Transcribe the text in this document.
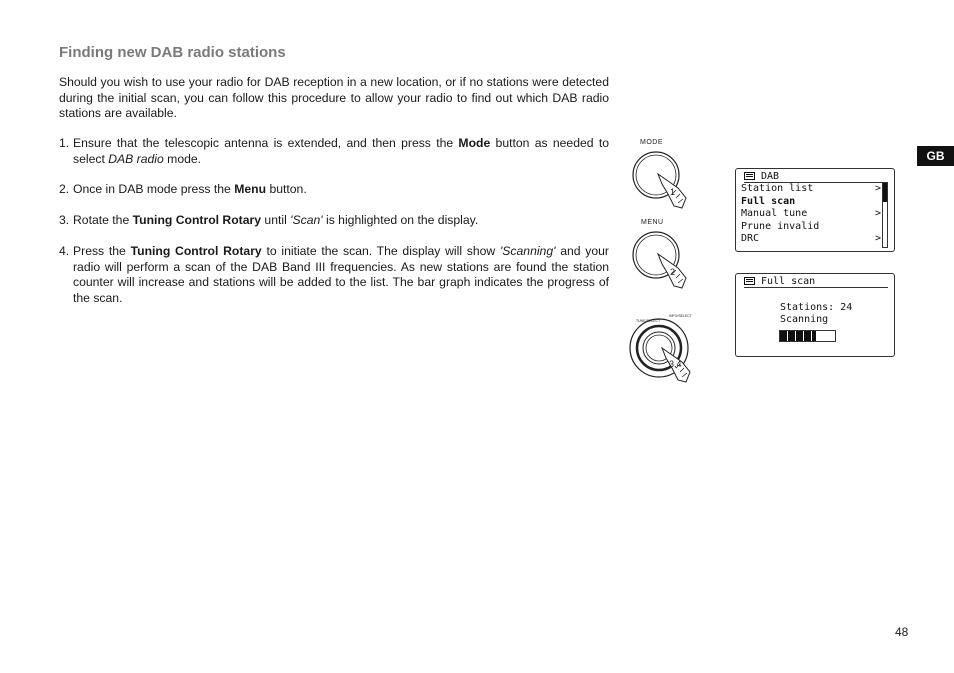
Finding new DAB radio stations
Should you wish to use your radio for DAB reception in a new location, or if no stations were detected during the initial scan, you can follow this procedure to allow your radio to find out which DAB radio stations are available.
1. Ensure that the telescopic antenna is extended, and then press the Mode button as needed to select DAB radio mode.
2. Once in DAB mode press the Menu button.
3. Rotate the Tuning Control Rotary until 'Scan' is highlighted on the display.
4. Press the Tuning Control Rotary to initiate the scan. The display will show 'Scanning' and your radio will perform a scan of the DAB Band III frequencies. As new stations are found the station counter will increase and stations will be added to the list. The bar graph indicates the progress of the scan.
GB
48
MODE
1
MENU
2
TUNE/SELECT
INFO/SELECT
3,4
DAB
Station list	>
Full scan
Manual tune	>
Prune invalid
DRC	>
Full scan
Stations: 24
Scanning
